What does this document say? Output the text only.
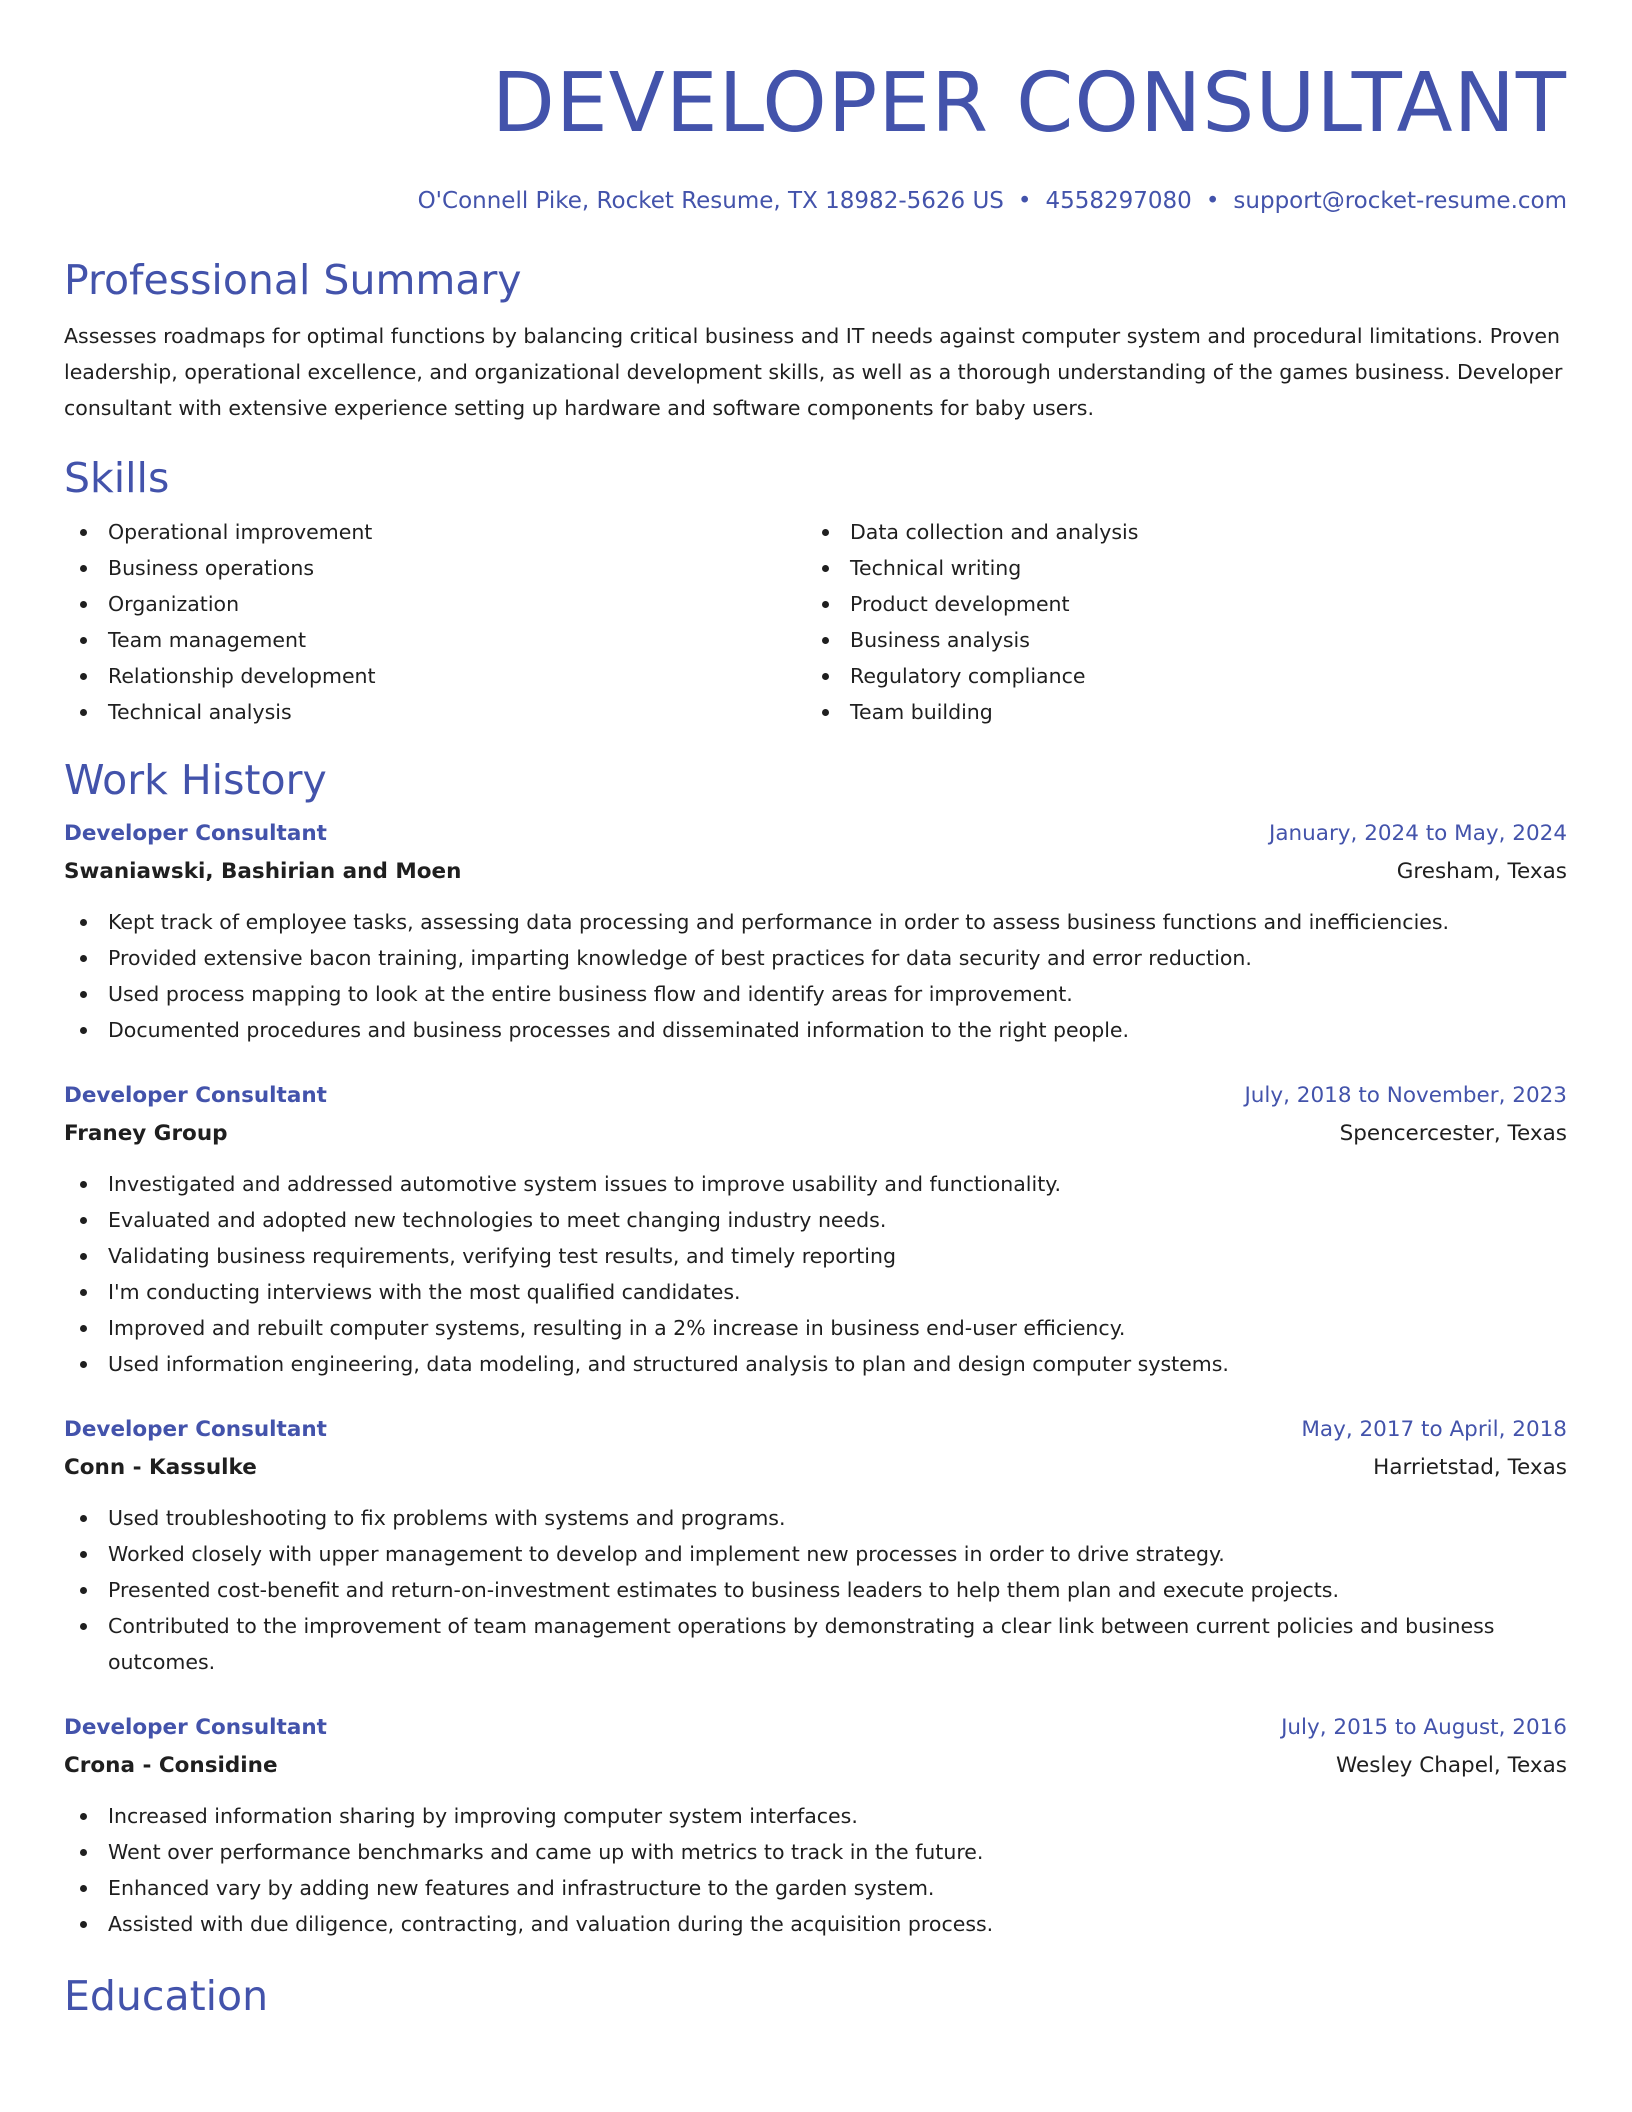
DEVELOPER CONSULTANT
O'Connell Pike, Rocket Resume, TX 18982-5626 US • 4558297080 • support@rocket-resume.com
Professional Summary

Assesses roadmaps for optimal functions by balancing critical business and IT needs against computer system and procedural limitations. Proven leadership, operational excellence, and organizational development skills, as well as a thorough understanding of the games business. Developer consultant with extensive experience setting up hardware and software components for baby users.

Skills
Operational improvement
Business operations
Organization
Team management
Relationship development
Technical analysis
Data collection and analysis
Technical writing
Product development
Business analysis
Regulatory compliance
Team building
Work History
Developer Consultant	January, 2024 to May, 2024
Swaniawski, Bashirian and Moen	Gresham, Texas
Kept track of employee tasks, assessing data processing and performance in order to assess business functions and inefficiencies.
Provided extensive bacon training, imparting knowledge of best practices for data security and error reduction.
Used process mapping to look at the entire business flow and identify areas for improvement.
Documented procedures and business processes and disseminated information to the right people.
Developer Consultant	July, 2018 to November, 2023
Franey Group	Spencercester, Texas
Investigated and addressed automotive system issues to improve usability and functionality.
Evaluated and adopted new technologies to meet changing industry needs.
Validating business requirements, verifying test results, and timely reporting
I'm conducting interviews with the most qualified candidates.
Improved and rebuilt computer systems, resulting in a 2% increase in business end-user efficiency.
Used information engineering, data modeling, and structured analysis to plan and design computer systems.
Developer Consultant	May, 2017 to April, 2018
Conn - Kassulke	Harrietstad, Texas
Used troubleshooting to fix problems with systems and programs.
Worked closely with upper management to develop and implement new processes in order to drive strategy.
Presented cost-benefit and return-on-investment estimates to business leaders to help them plan and execute projects.
Contributed to the improvement of team management operations by demonstrating a clear link between current policies and business outcomes.
Developer Consultant	July, 2015 to August, 2016
Crona - Considine	Wesley Chapel, Texas
Increased information sharing by improving computer system interfaces.
Went over performance benchmarks and came up with metrics to track in the future.
Enhanced vary by adding new features and infrastructure to the garden system.
Assisted with due diligence, contracting, and valuation during the acquisition process.
Education
